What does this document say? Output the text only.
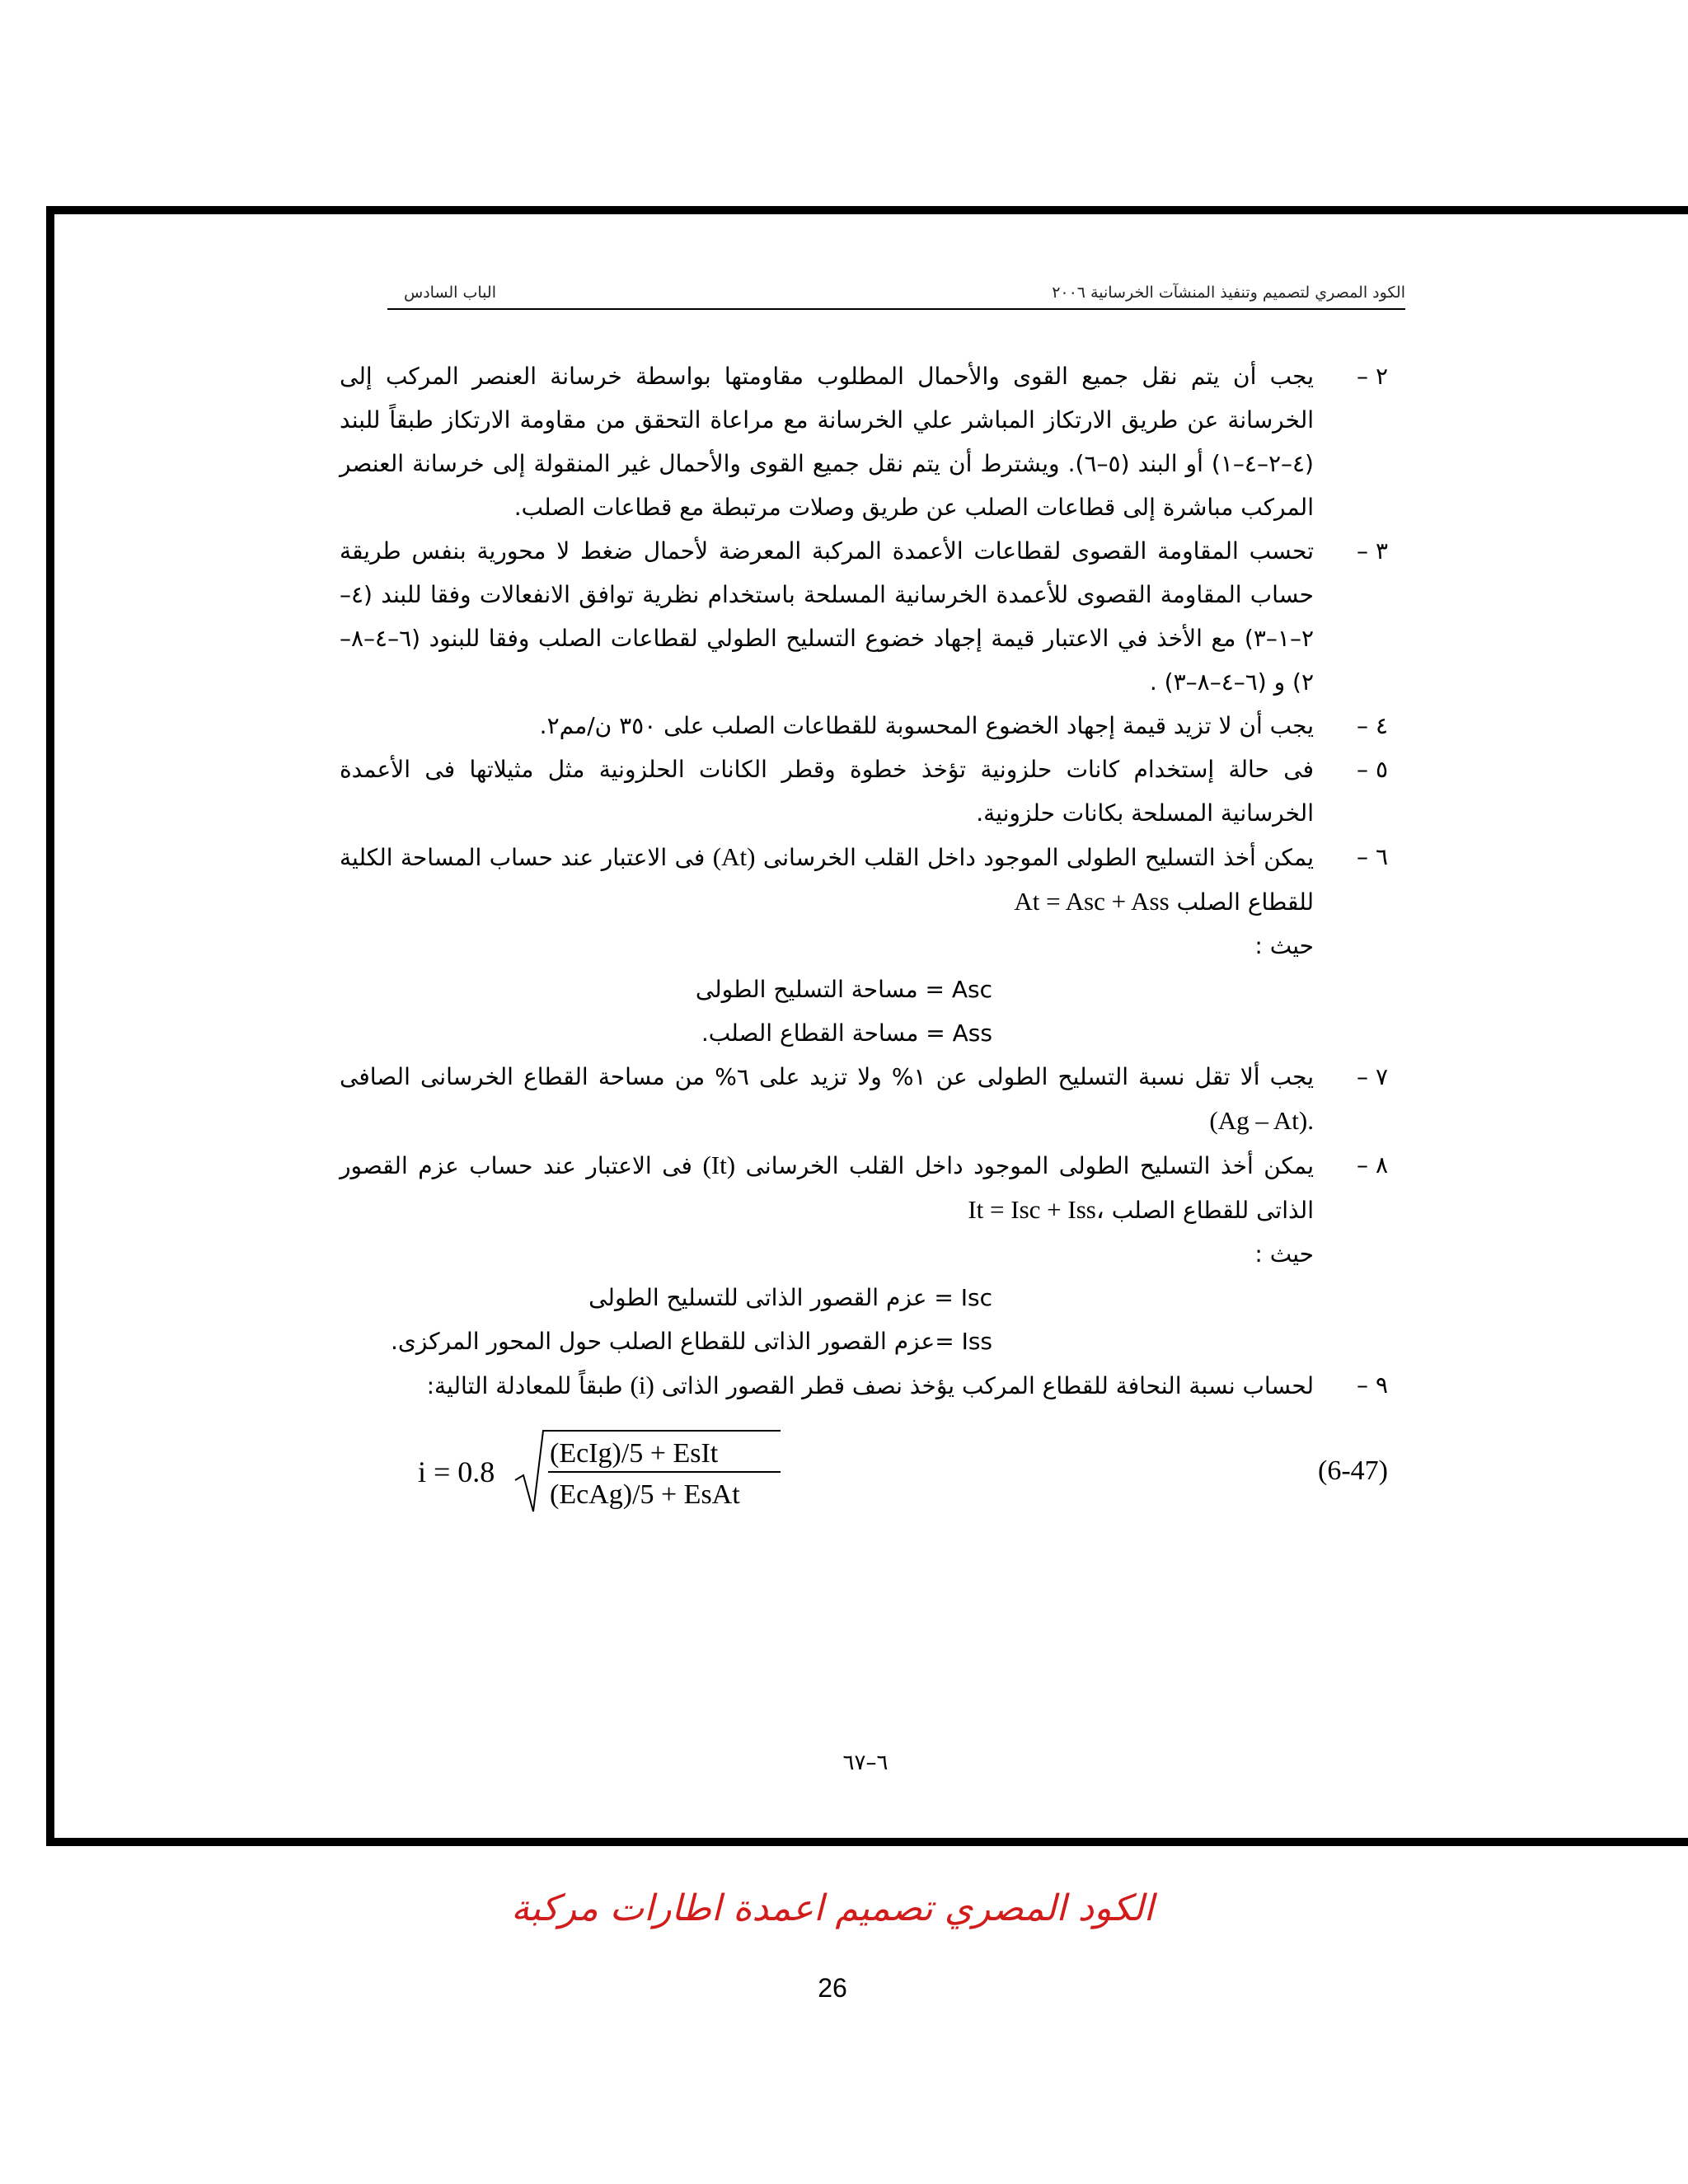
الكود المصري لتصميم وتنفيذ المنشآت الخرسانية ٢٠٠٦
الباب السادس
٢ –
يجب أن يتم نقل جميع القوى والأحمال المطلوب مقاومتها بواسطة خرسانة العنصر المركب إلى الخرسانة عن طريق الارتكاز المباشر علي الخرسانة مع مراعاة التحقق من مقاومة الارتكاز طبقاً للبند (٤–٢–٤–١) أو البند (٥–٦). ويشترط أن يتم نقل جميع القوى والأحمال غير المنقولة إلى خرسانة العنصر المركب مباشرة إلى قطاعات الصلب عن طريق وصلات مرتبطة مع قطاعات الصلب.
٣ –
تحسب المقاومة القصوى لقطاعات الأعمدة المركبة المعرضة لأحمال ضغط لا محورية بنفس طريقة حساب المقاومة القصوى للأعمدة الخرسانية المسلحة باستخدام نظرية توافق الانفعالات وفقا للبند (٤–٢–١–٣) مع الأخذ في الاعتبار قيمة إجهاد خضوع التسليح الطولي لقطاعات الصلب وفقا للبنود (٦–٤–٨–٢) و (٦–٤–٨–٣) .
٤ –
يجب أن لا تزيد قيمة إجهاد الخضوع المحسوبة للقطاعات الصلب على ٣٥٠ ن/مم٢.
٥ –
فى حالة إستخدام كانات حلزونية تؤخذ خطوة وقطر الكانات الحلزونية مثل مثيلاتها فى الأعمدة الخرسانية المسلحة بكانات حلزونية.
٦ –
يمكن أخذ التسليح الطولى الموجود داخل القلب الخرسانى (At) فى الاعتبار عند حساب المساحة الكلية للقطاع الصلب At = Asc + Ass
حيث :
Asc = مساحة التسليح الطولى
Ass = مساحة القطاع الصلب.
٧ –
يجب ألا تقل نسبة التسليح الطولى عن ١% ولا تزيد على ٦% من مساحة القطاع الخرسانى الصافى (Ag – At).
٨ –
يمكن أخذ التسليح الطولى الموجود داخل القلب الخرسانى (It) فى الاعتبار عند حساب عزم القصور الذاتى للقطاع الصلب It = Isc + Iss،
حيث :
Isc = عزم القصور الذاتى للتسليح الطولى
Iss =عزم القصور الذاتى للقطاع الصلب حول المحور المركزى.
٩ –
لحساب نسبة النحافة للقطاع المركب يؤخذ نصف قطر القصور الذاتى (i) طبقاً للمعادلة التالية:
i = 0.8
(EcIg)/5 + EsIt
(EcAg)/5 + EsAt
(6-47)
٦–٦٧
الكود المصري تصميم اعمدة اطارات مركبة
26
